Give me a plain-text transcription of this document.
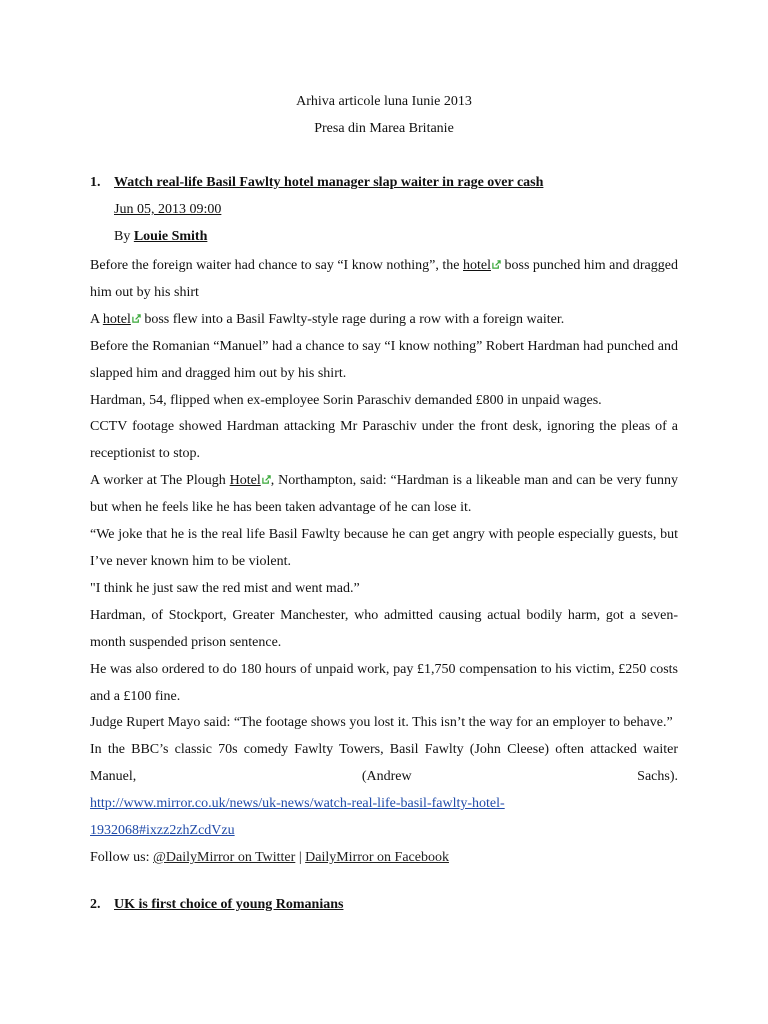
Arhiva articole luna Iunie 2013
Presa din Marea Britanie
1. Watch real-life Basil Fawlty hotel manager slap waiter in rage over cash
Jun 05, 2013 09:00
By Louie Smith

Before the foreign waiter had chance to say “I know nothing”, the hotel boss punched him and dragged him out by his shirt

A hotel boss flew into a Basil Fawlty-style rage during a row with a foreign waiter.

Before the Romanian “Manuel” had a chance to say “I know nothing” Robert Hardman had punched and slapped him and dragged him out by his shirt.

Hardman, 54, flipped when ex-employee Sorin Paraschiv demanded £800 in unpaid wages.

CCTV footage showed Hardman attacking Mr Paraschiv under the front desk, ignoring the pleas of a receptionist to stop.

A worker at The Plough Hotel , Northampton, said: “Hardman is a likeable man and can be very funny but when he feels like he has been taken advantage of he can lose it.

“We joke that he is the real life Basil Fawlty because he can get angry with people especially guests, but I’ve never known him to be violent.

"I think he just saw the red mist and went mad.”

Hardman, of Stockport, Greater Manchester, who admitted causing actual bodily harm, got a seven-month suspended prison sentence.

He was also ordered to do 180 hours of unpaid work, pay £1,750 compensation to his victim, £250 costs and a £100 fine.

Judge Rupert Mayo said: “The footage shows you lost it. This isn’t the way for an employer to behave.”

In the BBC’s classic 70s comedy Fawlty Towers, Basil Fawlty (John Cleese) often attacked waiter Manuel, (Andrew Sachs).

http://www.mirror.co.uk/news/uk-news/watch-real-life-basil-fawlty-hotel-

1932068#ixzz2zhZcdVzu

Follow us: @DailyMirror on Twitter | DailyMirror on Facebook

2. UK is first choice of young Romanians
